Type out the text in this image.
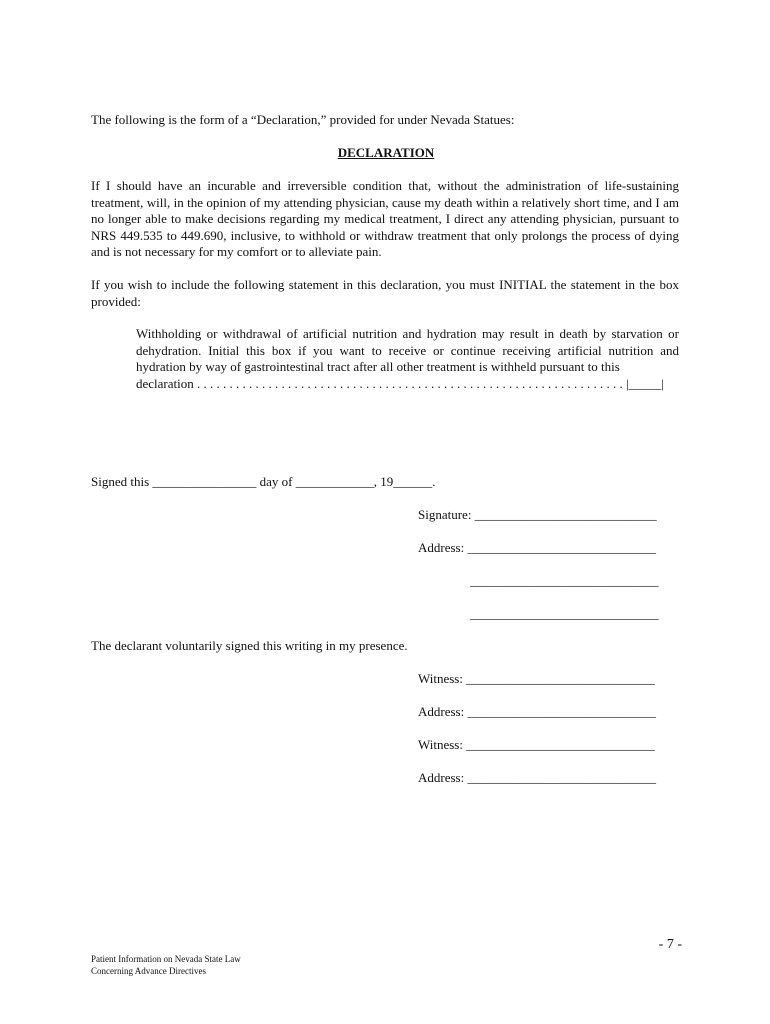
The following is the form of a “Declaration,” provided for under Nevada Statues:
DECLARATION
If I should have an incurable and irreversible condition that, without the administration of life-sustaining treatment, will, in the opinion of my attending physician, cause my death within a relatively short time, and I am no longer able to make decisions regarding my medical treatment, I direct any attending physician, pursuant to NRS 449.535 to 449.690, inclusive, to withhold or withdraw treatment that only prolongs the process of dying and is not necessary for my comfort or to alleviate pain.
If you wish to include the following statement in this declaration, you must INITIAL the statement in the box provided:
Withholding or withdrawal of artificial nutrition and hydration may result in death by starvation or dehydration. Initial this box if you want to receive or continue receiving artificial nutrition and hydration by way of gastrointestinal tract after all other treatment is withheld pursuant to this
declaration . . . . . . . . . . . . . . . . . . . . . . . . . . . . . . . . . . . . . . . . . . . . . . . . . . . . . . . . . . . . . . . . . . |_____|
Signed this ________________ day of ____________, 19______.
Signature: ____________________________
Address: _____________________________
_____________________________
_____________________________
The declarant voluntarily signed this writing in my presence.
Witness: _____________________________
Address: _____________________________
Witness: _____________________________
Address: _____________________________
- 7 -
Patient Information on Nevada State Law
Concerning Advance Directives
